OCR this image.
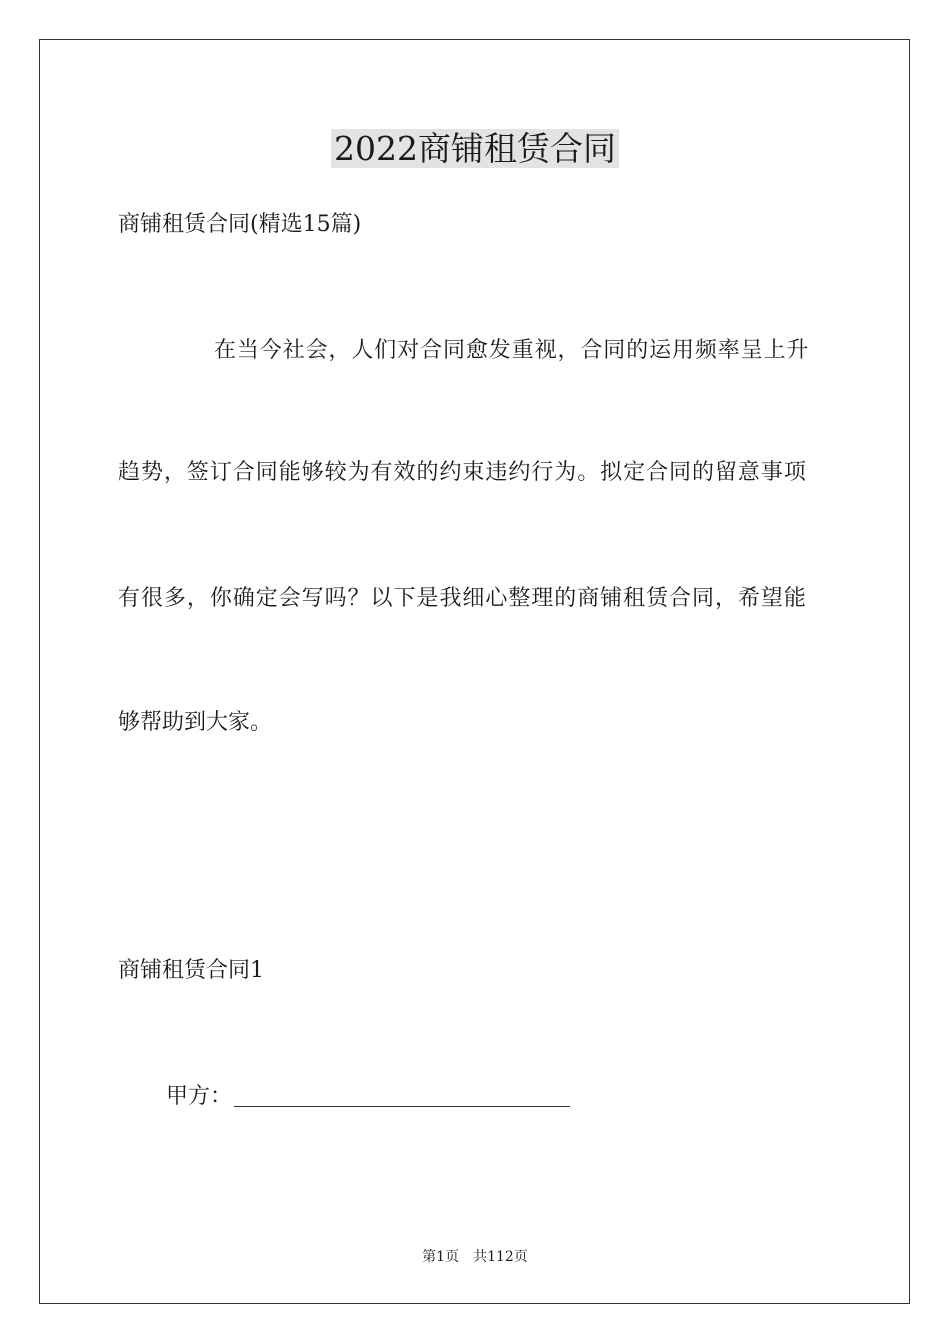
2022商铺租赁合同
商铺租赁合同(精选15篇)
在当今社会，人们对合同愈发重视，合同的运用频率呈上升
趋势，签订合同能够较为有效的约束违约行为。拟定合同的留意事项
有很多，你确定会写吗？以下是我细心整理的商铺租赁合同，希望能
够帮助到大家。
商铺租赁合同1
甲方：
第1页 共112页
